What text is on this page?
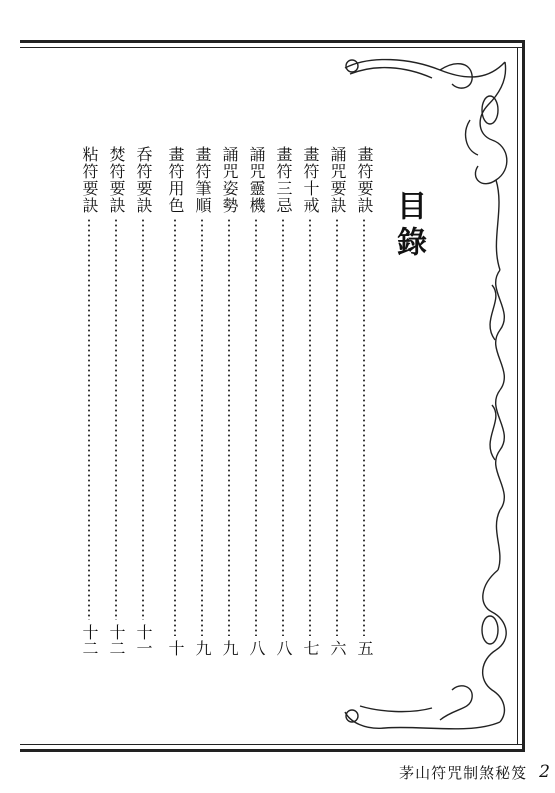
目錄
畫符要訣
五
誦咒要訣
六
畫符十戒
七
畫符三忌
八
誦咒靈機
八
誦咒姿勢
九
畫符筆順
九
畫符用色
十
呑符要訣
十一
焚符要訣
十二
粘符要訣
十二
茅山符咒制煞秘笈 2
